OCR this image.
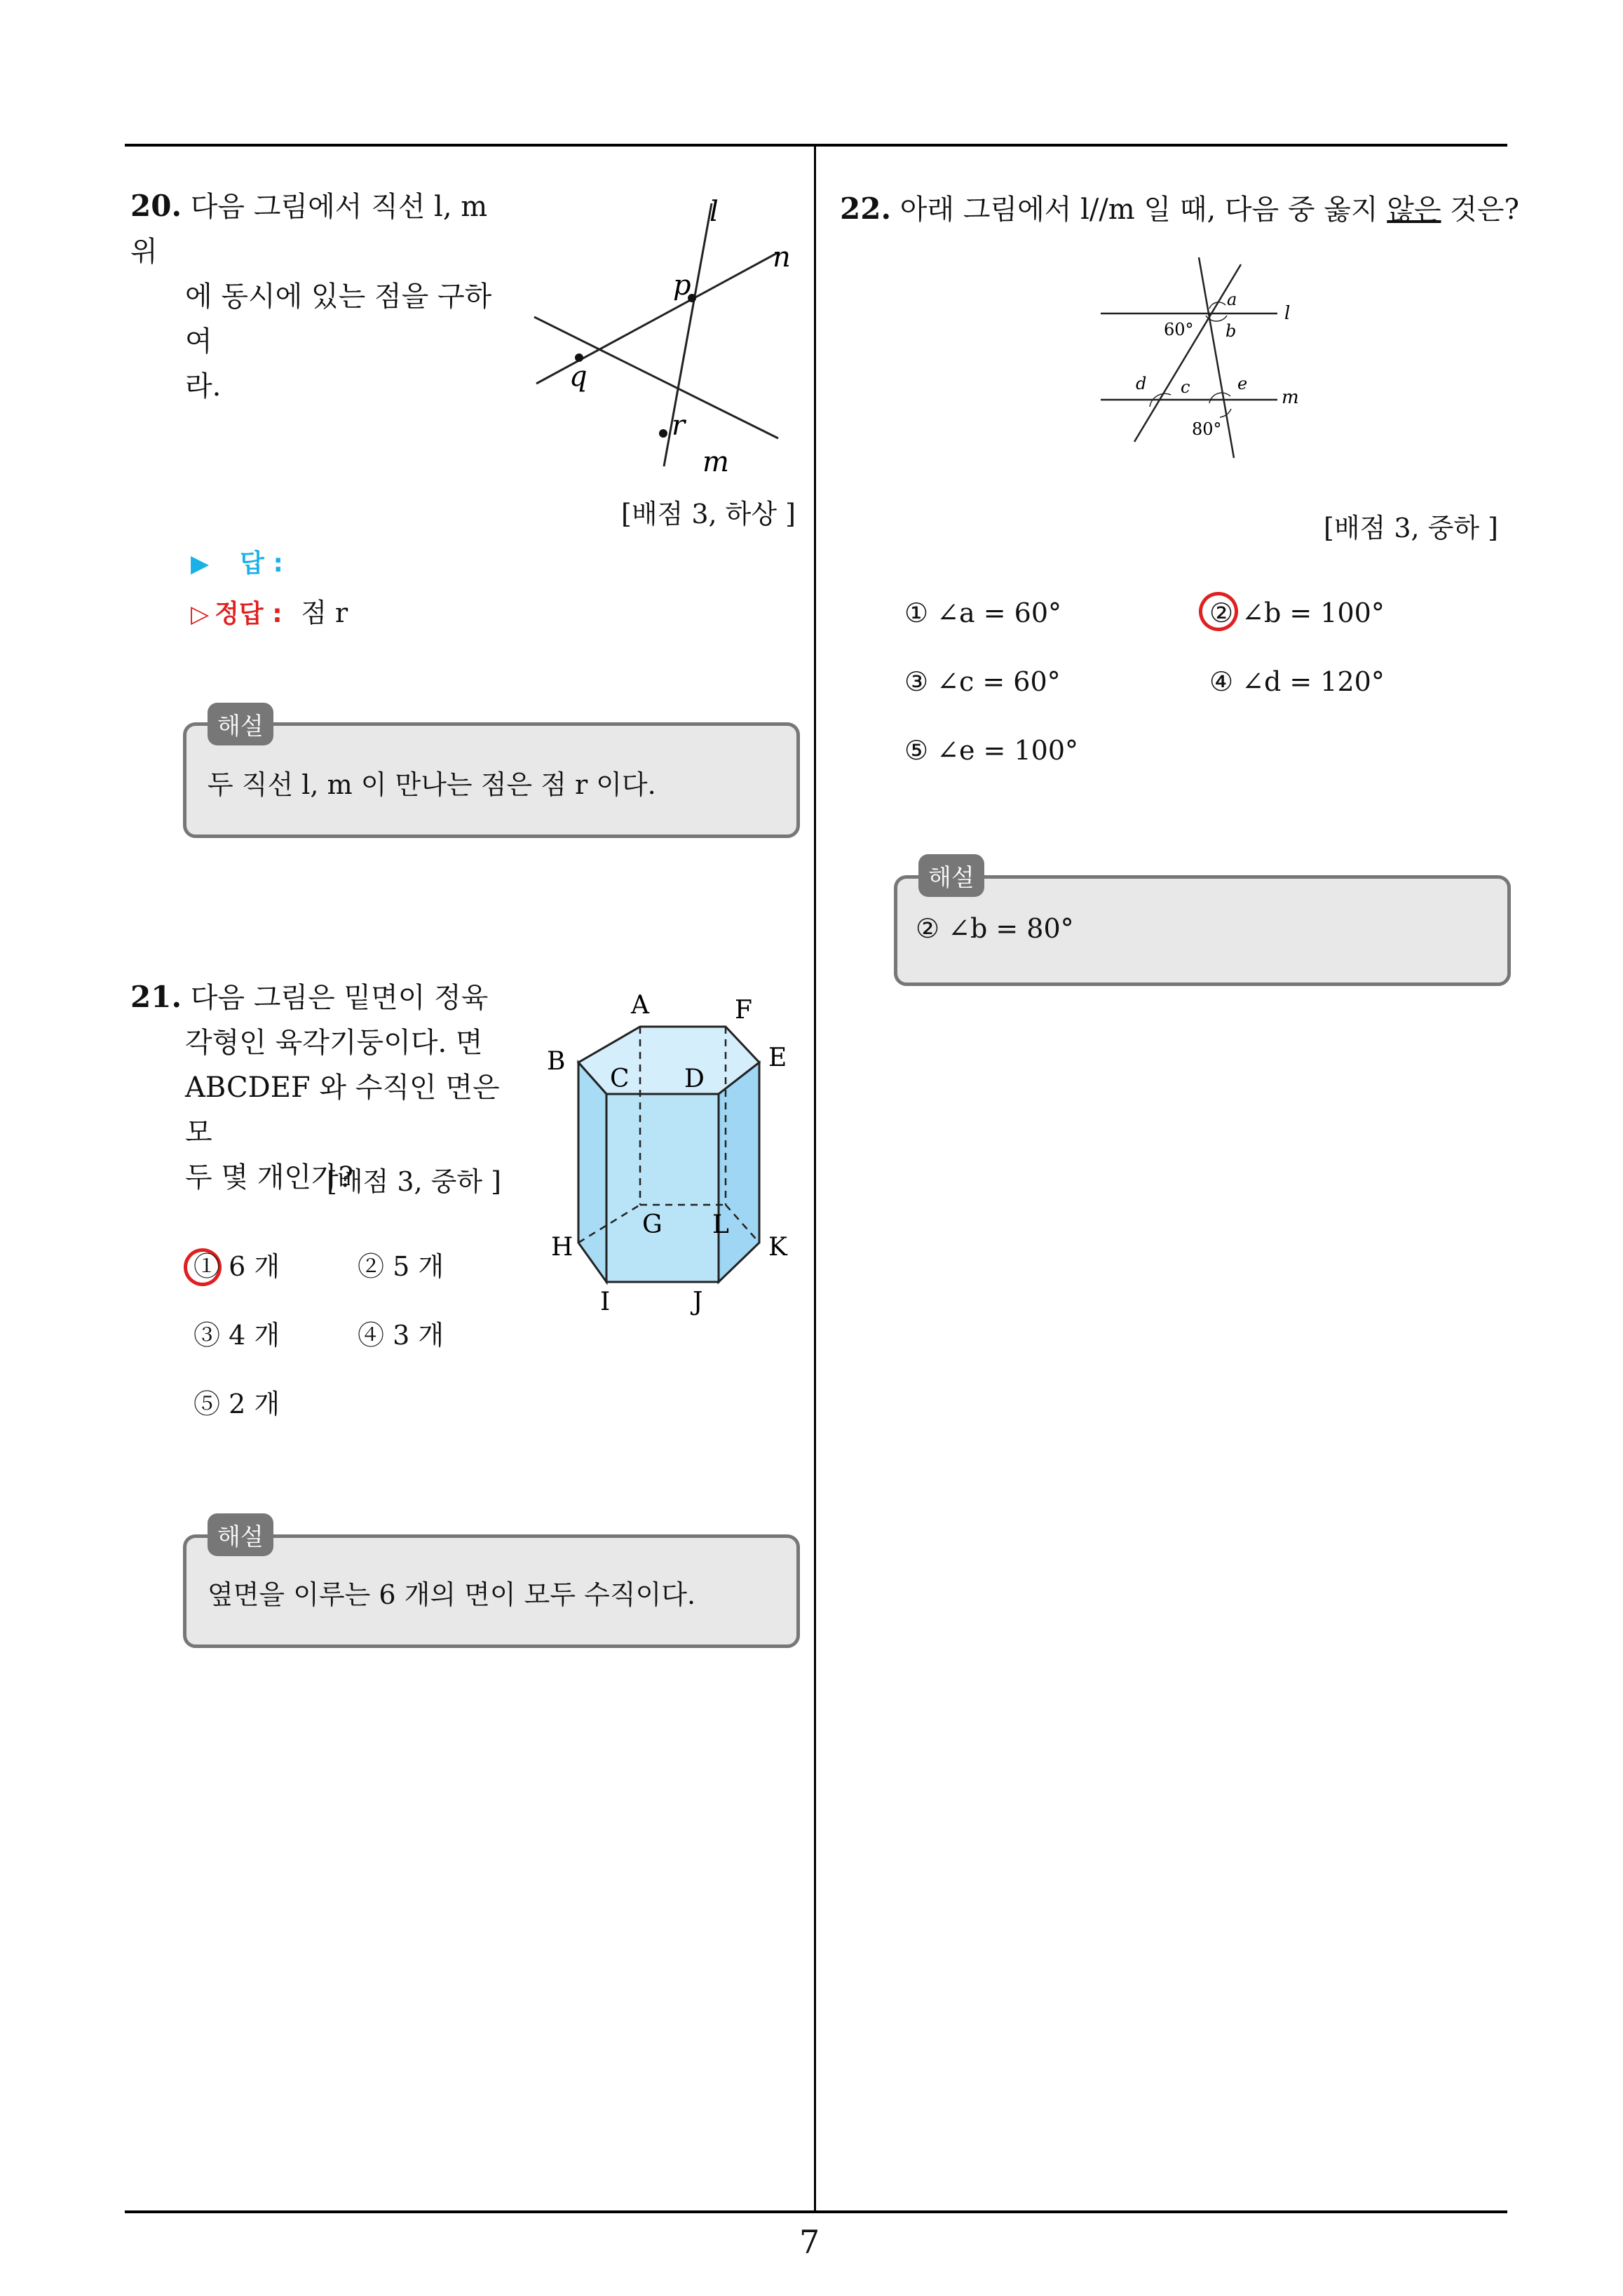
7
20. 다음 그림에서 직선 l, m 위
에 동시에 있는 점을 구하여
라.
l
n
p
q
r
m
[배점 3, 하상 ]
▶ 답 :
▷ 정답 : 점 r
해설
두 직선 l, m 이 만나는 점은 점 r 이다.
21. 다음 그림은 밑면이 정육
각형인 육각기둥이다. 면
ABCDEF 와 수직인 면은 모
두 몇 개인가?
[배점 3, 중하 ]
A	F
B	E
C D
G L
H	K
I	J
① 6 개	② 5 개
③ 4 개	④ 3 개
⑤ 2 개
해설
옆면을 이루는 6 개의 면이 모두 수직이다.
22. 아래 그림에서 l//m 일 때, 다음 중 옳지 않은 것은?
a
b
60°
l
d c	e
m
80°
[배점 3, 중하 ]
① ∠a = 60°	② ∠b = 100°
③ ∠c = 60°	④ ∠d = 120°
⑤ ∠e = 100°
해설
② ∠b = 80°
